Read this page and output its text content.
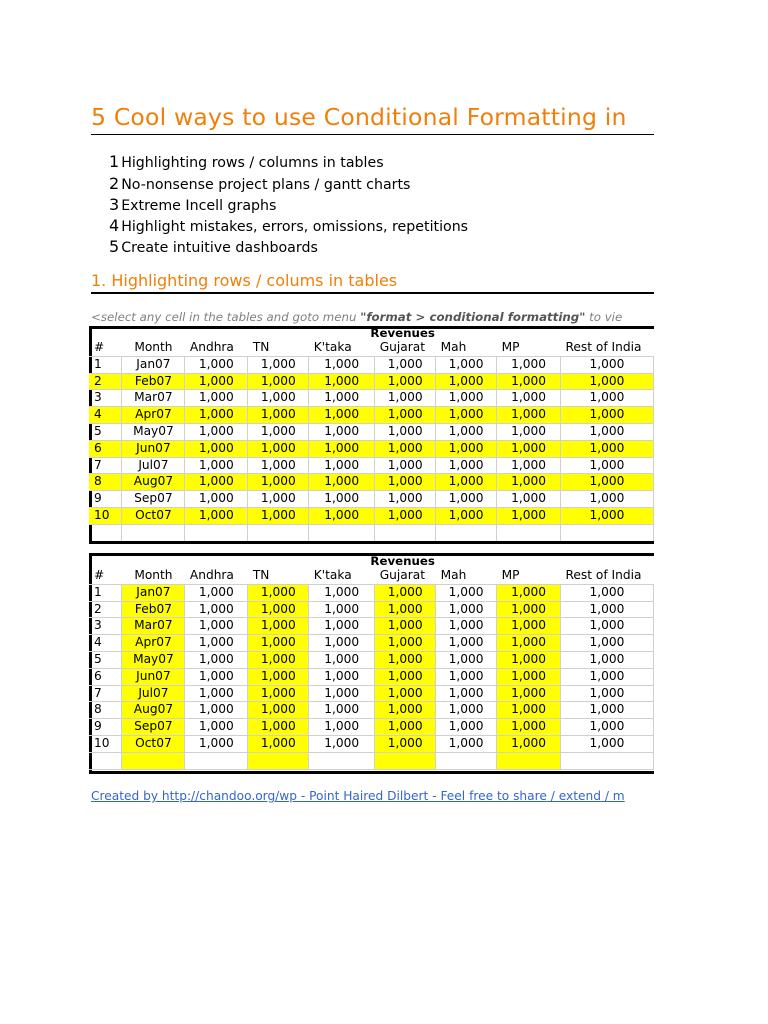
5 Cool ways to use Conditional Formatting in
1 Highlighting rows / columns in tables
2 No-nonsense project plans / gantt charts
3 Extreme Incell graphs
4 Highlight mistakes, errors, omissions, repetitions
5 Create intuitive dashboards
1. Highlighting rows / colums in tables
<select any cell in the tables and goto menu "format > conditional formatting" to vie
				Revenues				
#	Month	Andhra	TN	K'taka	Gujarat	Mah	MP	Rest of India
1	Jan07	1,000	1,000	1,000	1,000	1,000	1,000	1,000
2	Feb07	1,000	1,000	1,000	1,000	1,000	1,000	1,000
3	Mar07	1,000	1,000	1,000	1,000	1,000	1,000	1,000
4	Apr07	1,000	1,000	1,000	1,000	1,000	1,000	1,000
5	May07	1,000	1,000	1,000	1,000	1,000	1,000	1,000
6	Jun07	1,000	1,000	1,000	1,000	1,000	1,000	1,000
7	Jul07	1,000	1,000	1,000	1,000	1,000	1,000	1,000
8	Aug07	1,000	1,000	1,000	1,000	1,000	1,000	1,000
9	Sep07	1,000	1,000	1,000	1,000	1,000	1,000	1,000
10	Oct07	1,000	1,000	1,000	1,000	1,000	1,000	1,000

				Revenues				
#	Month	Andhra	TN	K'taka	Gujarat	Mah	MP	Rest of India
1	Jan07	1,000	1,000	1,000	1,000	1,000	1,000	1,000
2	Feb07	1,000	1,000	1,000	1,000	1,000	1,000	1,000
3	Mar07	1,000	1,000	1,000	1,000	1,000	1,000	1,000
4	Apr07	1,000	1,000	1,000	1,000	1,000	1,000	1,000
5	May07	1,000	1,000	1,000	1,000	1,000	1,000	1,000
6	Jun07	1,000	1,000	1,000	1,000	1,000	1,000	1,000
7	Jul07	1,000	1,000	1,000	1,000	1,000	1,000	1,000
8	Aug07	1,000	1,000	1,000	1,000	1,000	1,000	1,000
9	Sep07	1,000	1,000	1,000	1,000	1,000	1,000	1,000
10	Oct07	1,000	1,000	1,000	1,000	1,000	1,000	1,000

Created by http://chandoo.org/wp - Point Haired Dilbert - Feel free to share / extend / m
